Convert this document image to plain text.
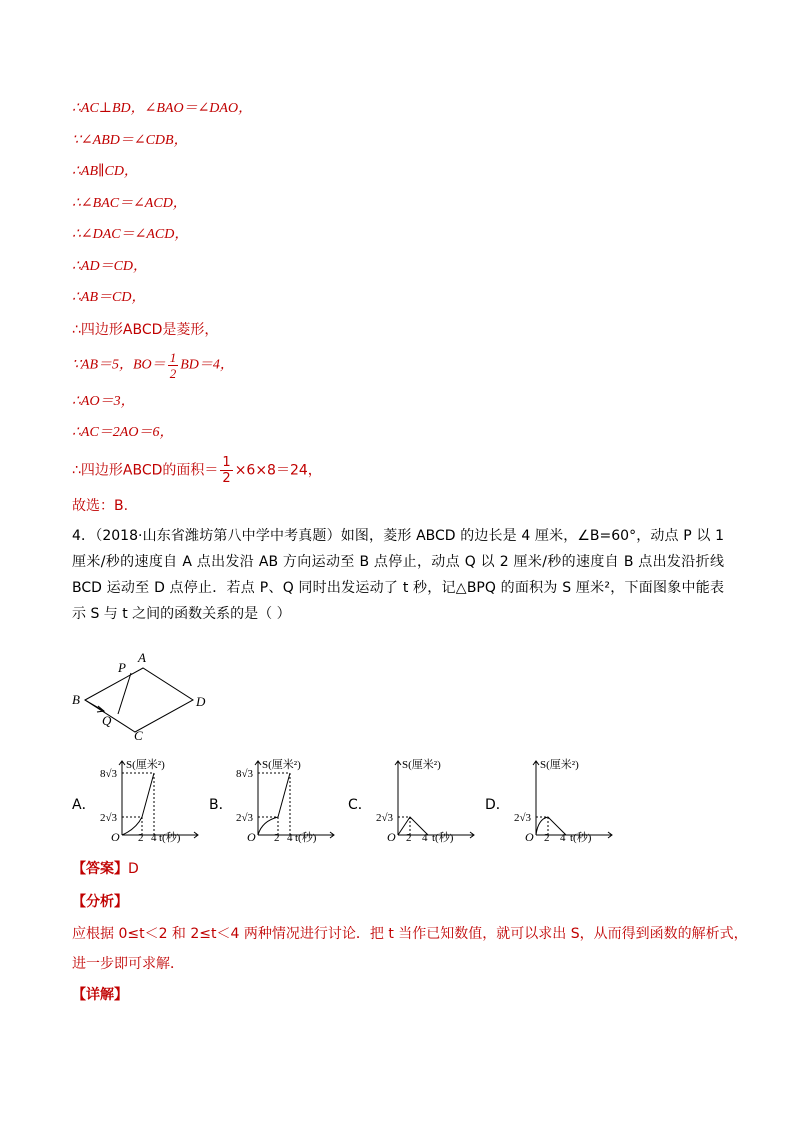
∴AC⊥BD，∠BAO＝∠DAO，
∵∠ABD＝∠CDB，
∴AB∥CD，
∴∠BAC＝∠ACD，
∴∠DAC＝∠ACD，
∴AD＝CD，
∴AB＝CD，
∴四边形ABCD是菱形，
∵AB＝5，$BO= \frac{1}{2} BD=4$，
∴AO＝3，
∴AC＝2AO＝6，
∴四边形ABCD的面积＝ $\frac{1}{2} \times 6\times 8=24$，
故选：B.
4．（2018·山东省潍坊第八中学中考真题）如图，菱形 ABCD 的边长是 4 厘米，∠B=60°，动点 P 以 1 厘米/秒的速度自 A 点出发沿 AB 方向运动至 B 点停止，动点 Q 以 2 厘米/秒的速度自 B 点出发沿折线 BCD 运动至 D 点停止．若点 P、Q 同时出发运动了 t 秒，记△BPQ 的面积为 S 厘米²，下面图象中能表示 S 与 t 之间的函数关系的是（ ）
A
P
B	D
Q
C
A．
S(厘米²)
8√3
2√3
O 2 4 t(秒)
B．
S(厘米²)
8√3
2√3
O 2 4 t(秒)
C．
S(厘米²)
2√3
O 2 4 t(秒)
D．
S(厘米²)
2√3
O 2 4 t(秒)
【答案】D
【分析】
应根据 0≤t＜2 和 2≤t＜4 两种情况进行讨论．把 t 当作已知数值，就可以求出 S，从而得到函数的解析式，
进一步即可求解．
【详解】
